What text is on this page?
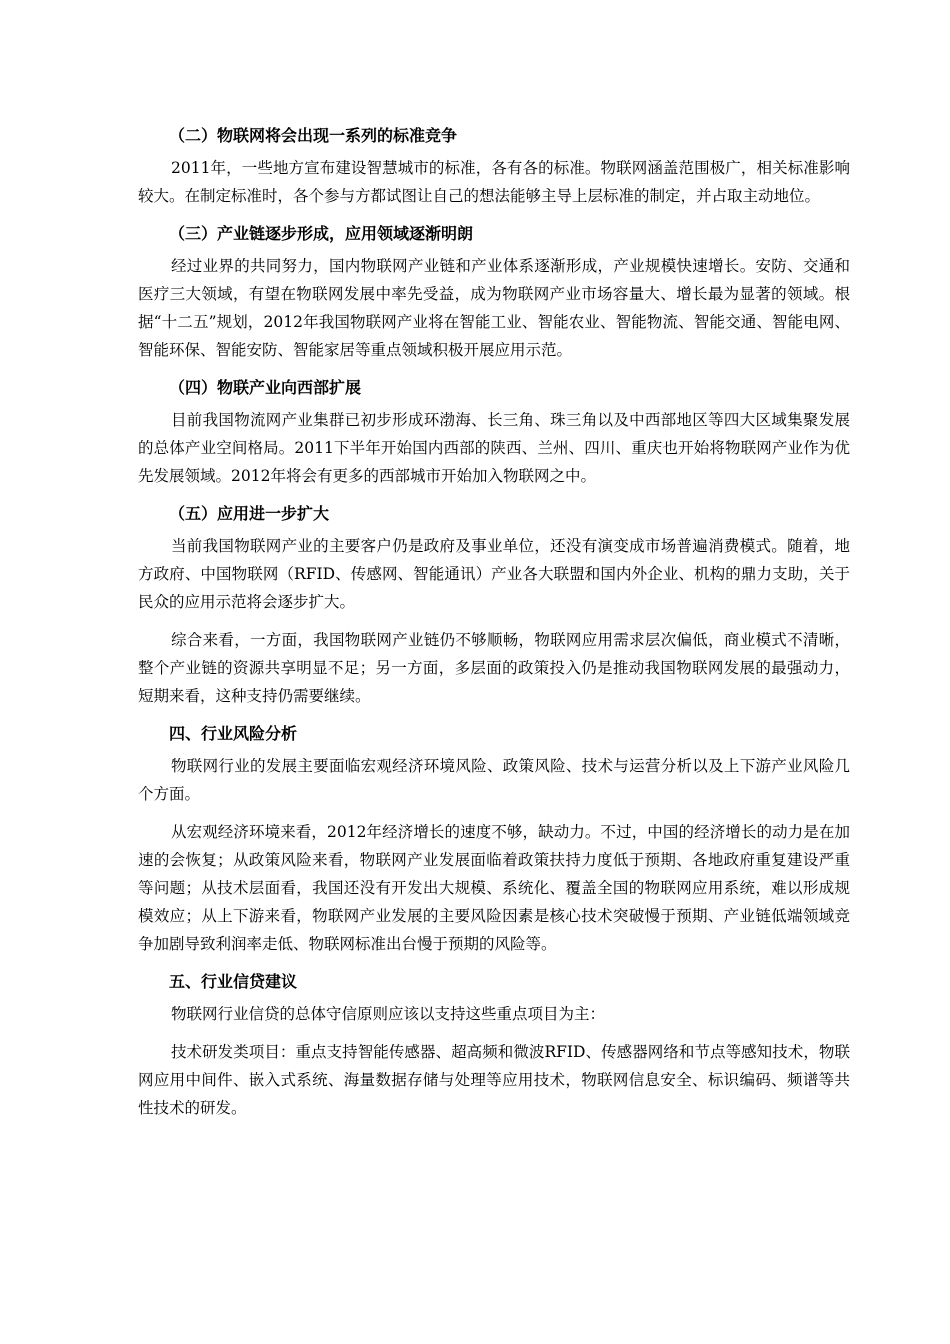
（二）物联网将会出现一系列的标准竞争

2011年，一些地方宣布建设智慧城市的标准，各有各的标准。物联网涵盖范围极广，相关标准影响较大。在制定标准时，各个参与方都试图让自己的想法能够主导上层标准的制定，并占取主动地位。

（三）产业链逐步形成，应用领域逐渐明朗

经过业界的共同努力，国内物联网产业链和产业体系逐渐形成，产业规模快速增长。安防、交通和医疗三大领域，有望在物联网发展中率先受益，成为物联网产业市场容量大、增长最为显著的领域。根据“十二五”规划，2012年我国物联网产业将在智能工业、智能农业、智能物流、智能交通、智能电网、智能环保、智能安防、智能家居等重点领域积极开展应用示范。

（四）物联产业向西部扩展

目前我国物流网产业集群已初步形成环渤海、长三角、珠三角以及中西部地区等四大区域集聚发展的总体产业空间格局。2011下半年开始国内西部的陕西、兰州、四川、重庆也开始将物联网产业作为优先发展领域。2012年将会有更多的西部城市开始加入物联网之中。

（五）应用进一步扩大

当前我国物联网产业的主要客户仍是政府及事业单位，还没有演变成市场普遍消费模式。随着，地方政府、中国物联网（RFID、传感网、智能通讯）产业各大联盟和国内外企业、机构的鼎力支助，关于民众的应用示范将会逐步扩大。

综合来看，一方面，我国物联网产业链仍不够顺畅，物联网应用需求层次偏低，商业模式不清晰，整个产业链的资源共享明显不足；另一方面，多层面的政策投入仍是推动我国物联网发展的最强动力，短期来看，这种支持仍需要继续。

四、行业风险分析

物联网行业的发展主要面临宏观经济环境风险、政策风险、技术与运营分析以及上下游产业风险几个方面。

从宏观经济环境来看，2012年经济增长的速度不够，缺动力。不过，中国的经济增长的动力是在加速的会恢复；从政策风险来看，物联网产业发展面临着政策扶持力度低于预期、各地政府重复建设严重等问题；从技术层面看，我国还没有开发出大规模、系统化、覆盖全国的物联网应用系统，难以形成规模效应；从上下游来看，物联网产业发展的主要风险因素是核心技术突破慢于预期、产业链低端领域竞争加剧导致利润率走低、物联网标准出台慢于预期的风险等。

五、行业信贷建议

物联网行业信贷的总体守信原则应该以支持这些重点项目为主：

技术研发类项目：重点支持智能传感器、超高频和微波RFID、传感器网络和节点等感知技术，物联网应用中间件、嵌入式系统、海量数据存储与处理等应用技术，物联网信息安全、标识编码、频谱等共性技术的研发。
